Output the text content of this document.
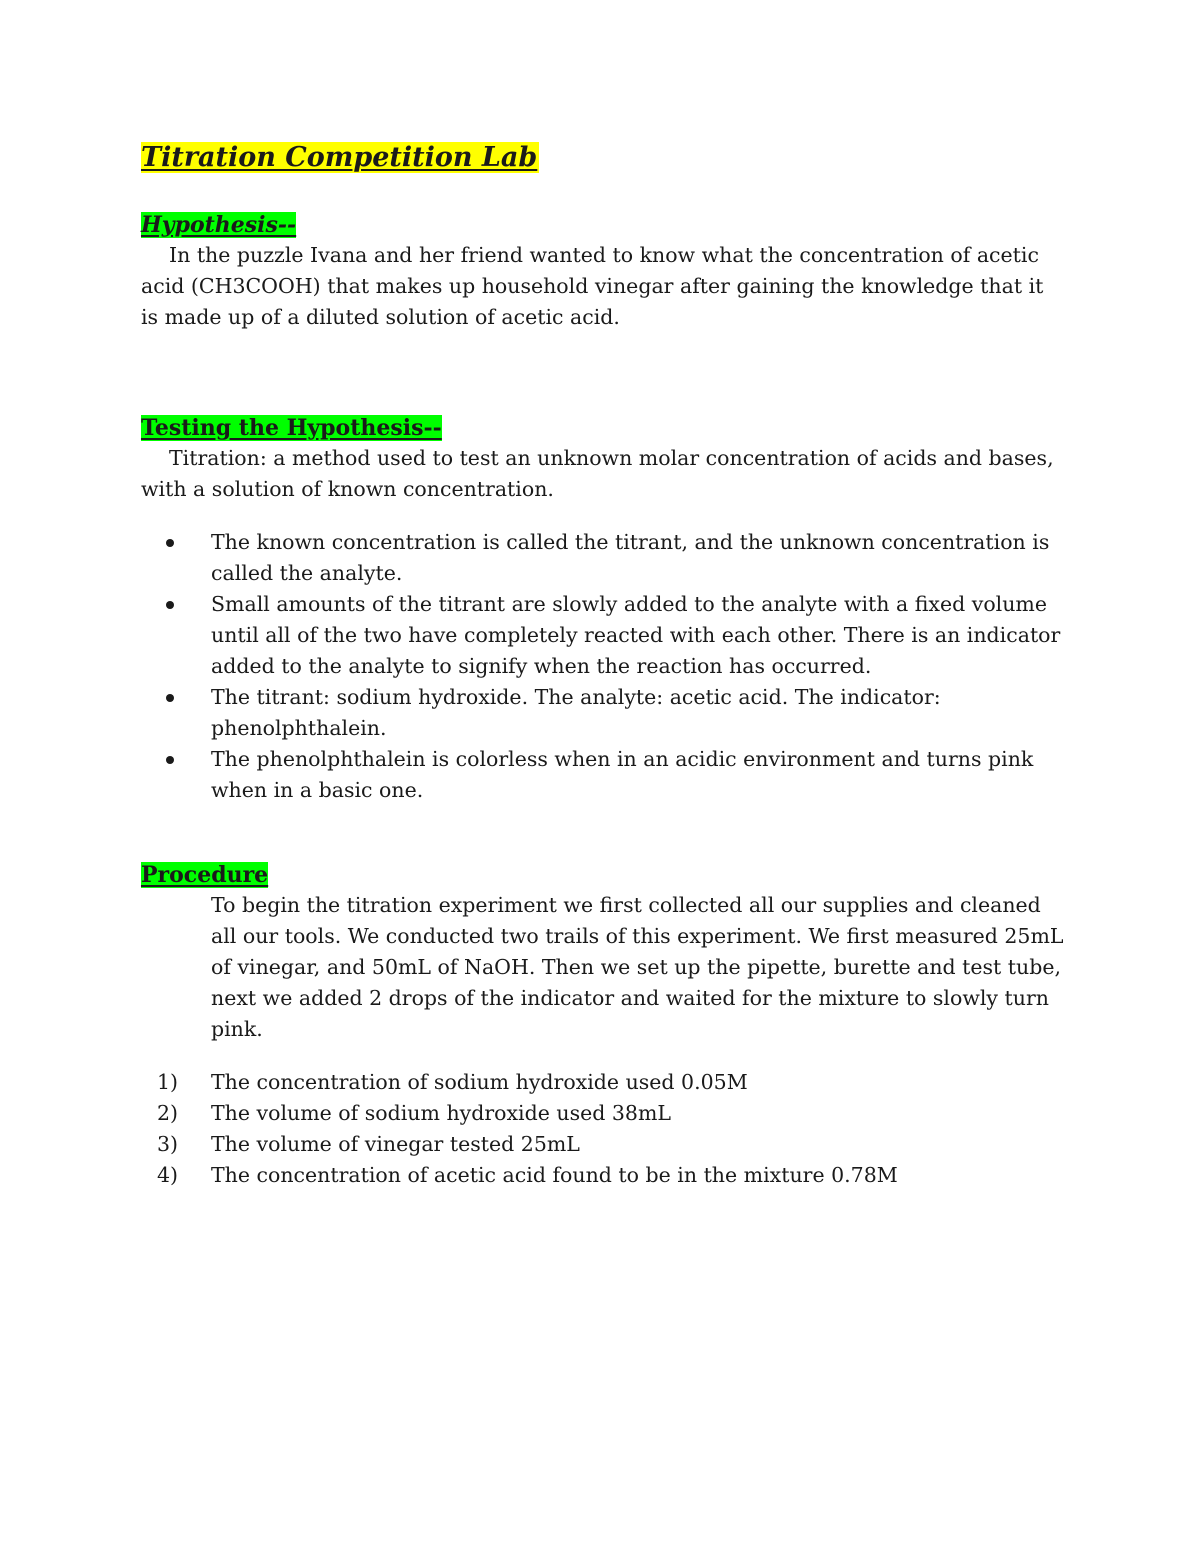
Titration Competition Lab
Hypothesis--

In the puzzle Ivana and her friend wanted to know what the concentration of acetic acid (CH3COOH) that makes up household vinegar after gaining the knowledge that it is made up of a diluted solution of acetic acid.

Testing the Hypothesis--

Titration: a method used to test an unknown molar concentration of acids and bases, with a solution of known concentration.

The known concentration is called the titrant, and the unknown concentration is called the analyte.
Small amounts of the titrant are slowly added to the analyte with a fixed volume until all of the two have completely reacted with each other. There is an indicator added to the analyte to signify when the reaction has occurred.
The titrant: sodium hydroxide. The analyte: acetic acid. The indicator: phenolphthalein.
The phenolphthalein is colorless when in an acidic environment and turns pink when in a basic one.
Procedure

To begin the titration experiment we first collected all our supplies and cleaned all our tools. We conducted two trails of this experiment. We first measured 25mL of vinegar, and 50mL of NaOH. Then we set up the pipette, burette and test tube, next we added 2 drops of the indicator and waited for the mixture to slowly turn pink.

1) The concentration of sodium hydroxide used 0.05M
2) The volume of sodium hydroxide used 38mL
3) The volume of vinegar tested 25mL
4) The concentration of acetic acid found to be in the mixture 0.78M
